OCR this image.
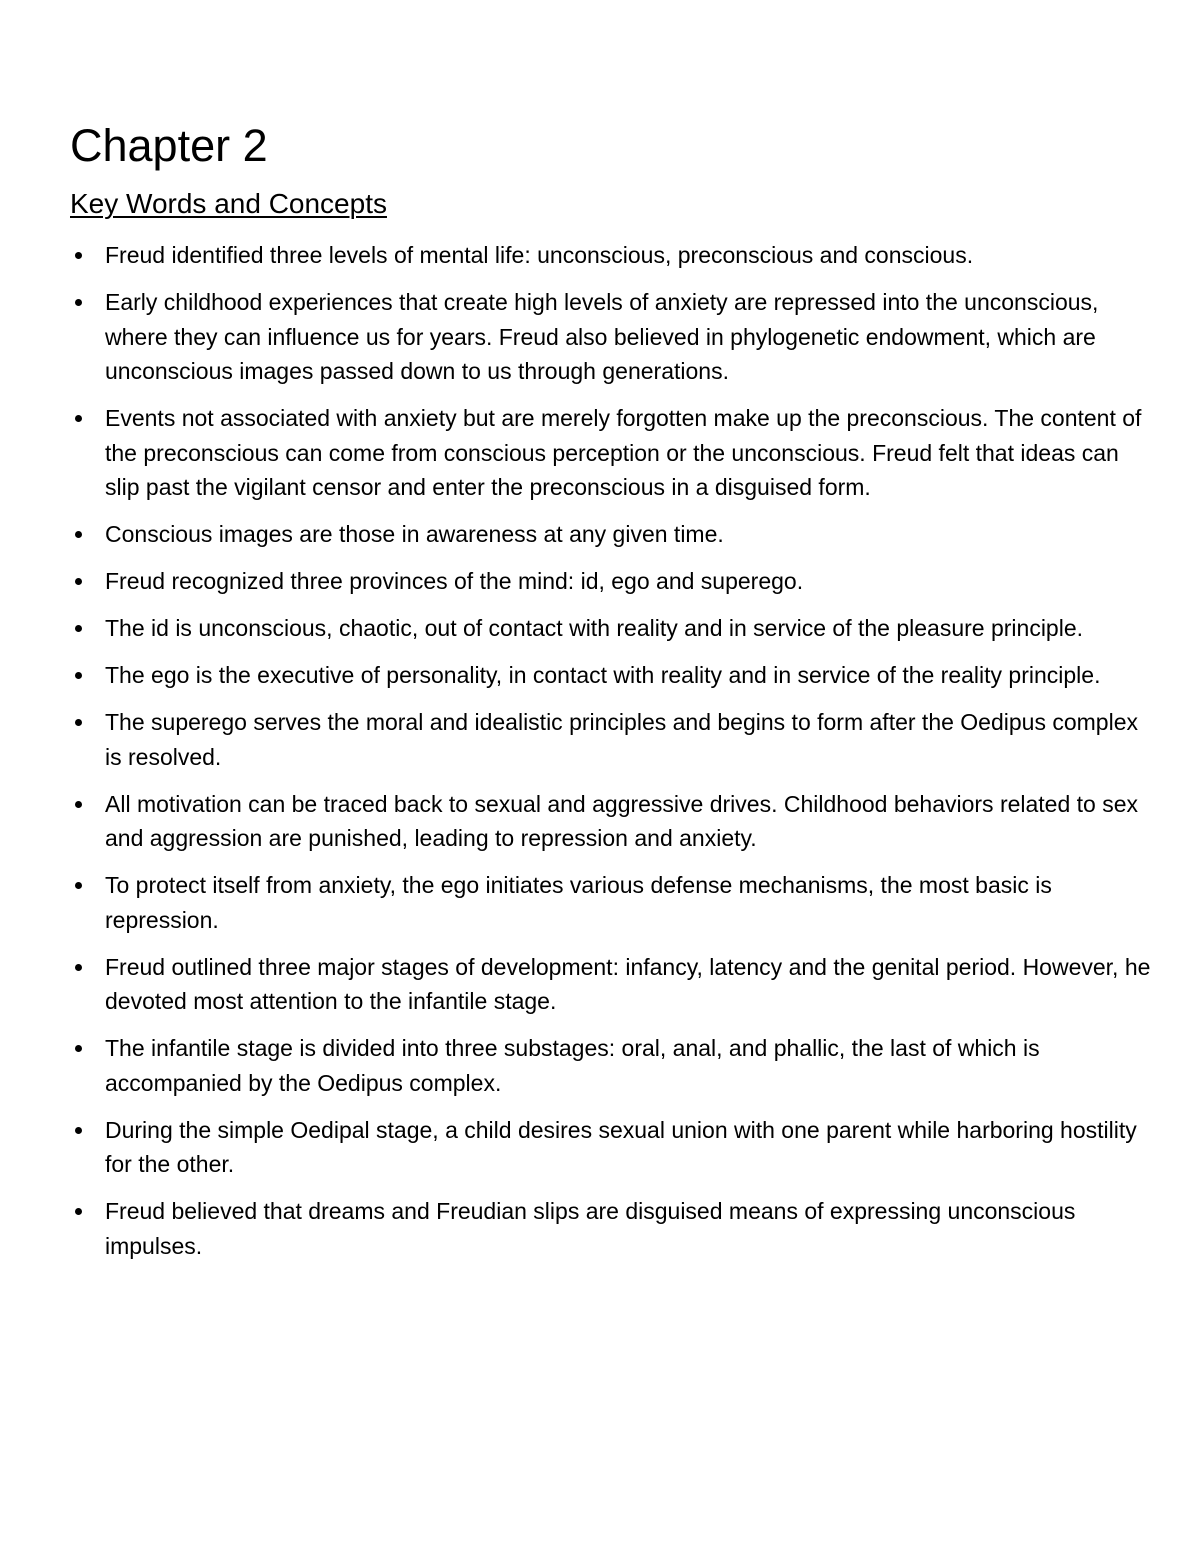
Chapter 2
Key Words and Concepts
Freud identified three levels of mental life: unconscious, preconscious and conscious.
Early childhood experiences that create high levels of anxiety are repressed into the unconscious, where they can influence us for years. Freud also believed in phylogenetic endowment, which are unconscious images passed down to us through generations.
Events not associated with anxiety but are merely forgotten make up the preconscious. The content of the preconscious can come from conscious perception or the unconscious. Freud felt that ideas can slip past the vigilant censor and enter the preconscious in a disguised form.
Conscious images are those in awareness at any given time.
Freud recognized three provinces of the mind: id, ego and superego.
The id is unconscious, chaotic, out of contact with reality and in service of the pleasure principle.
The ego is the executive of personality, in contact with reality and in service of the reality principle.
The superego serves the moral and idealistic principles and begins to form after the Oedipus complex is resolved.
All motivation can be traced back to sexual and aggressive drives. Childhood behaviors related to sex and aggression are punished, leading to repression and anxiety.
To protect itself from anxiety, the ego initiates various defense mechanisms, the most basic is repression.
Freud outlined three major stages of development: infancy, latency and the genital period. However, he devoted most attention to the infantile stage.
The infantile stage is divided into three substages: oral, anal, and phallic, the last of which is accompanied by the Oedipus complex.
During the simple Oedipal stage, a child desires sexual union with one parent while harboring hostility for the other.
Freud believed that dreams and Freudian slips are disguised means of expressing unconscious impulses.
